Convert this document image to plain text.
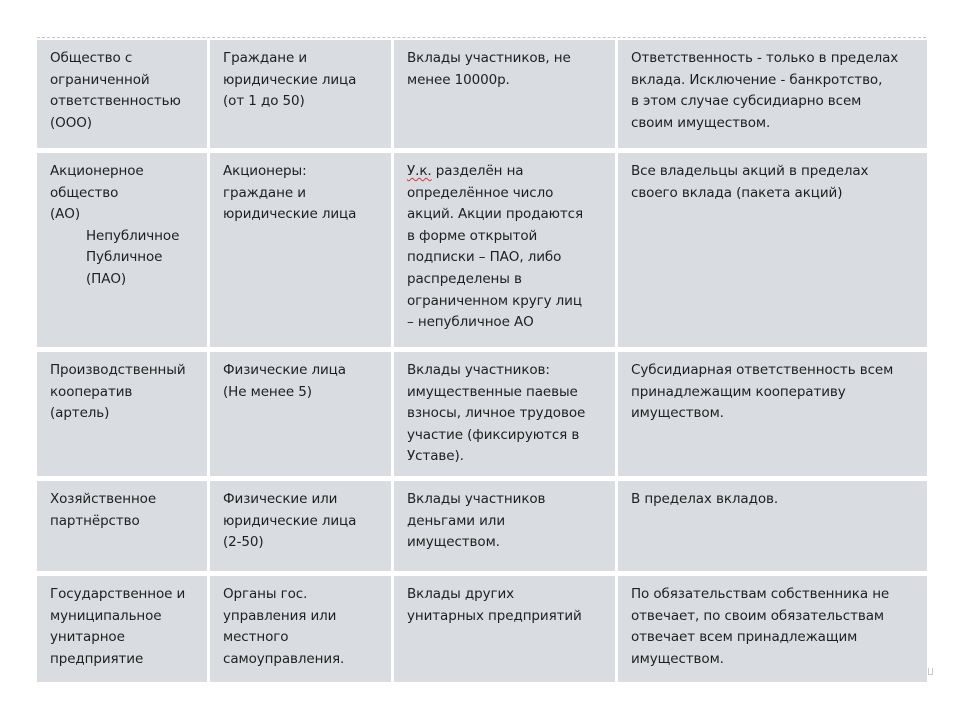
Общество с
ограниченной
ответственностью
(ООО)
Граждане и
юридические лица
(от 1 до 50)
Вклады участников, не
менее 10000р.
Ответственность - только в пределах
вклада. Исключение - банкротство,
в этом случае субсидиарно всем
своим имуществом.
Акционерное
общество
(АО)
Непубличное
Публичное
(ПАО)
Акционеры:
граждане и
юридические лица
У.к. разделён на
определённое число
акций. Акции продаются
в форме открытой
подписки – ПАО, либо
распределены в
ограниченном кругу лиц
– непубличное АО
Все владельцы акций в пределах
своего вклада (пакета акций)
Производственный
кооператив
(артель)
Физические лица
(Не менее 5)
Вклады участников:
имущественные паевые
взносы, личное трудовое
участие (фиксируются в
Уставе).
Субсидиарная ответственность всем
принадлежащим кооперативу
имуществом.
Хозяйственное
партнёрство
Физические или
юридические лица
(2-50)
Вклады участников
деньгами или
имуществом.
В пределах вкладов.
Государственное и
муниципальное
унитарное
предприятие
Органы гос.
управления или
местного
самоуправления.
Вклады других
унитарных предприятий
По обязательствам собственника не
отвечает, по своим обязательствам
отвечает всем принадлежащим
имуществом.
